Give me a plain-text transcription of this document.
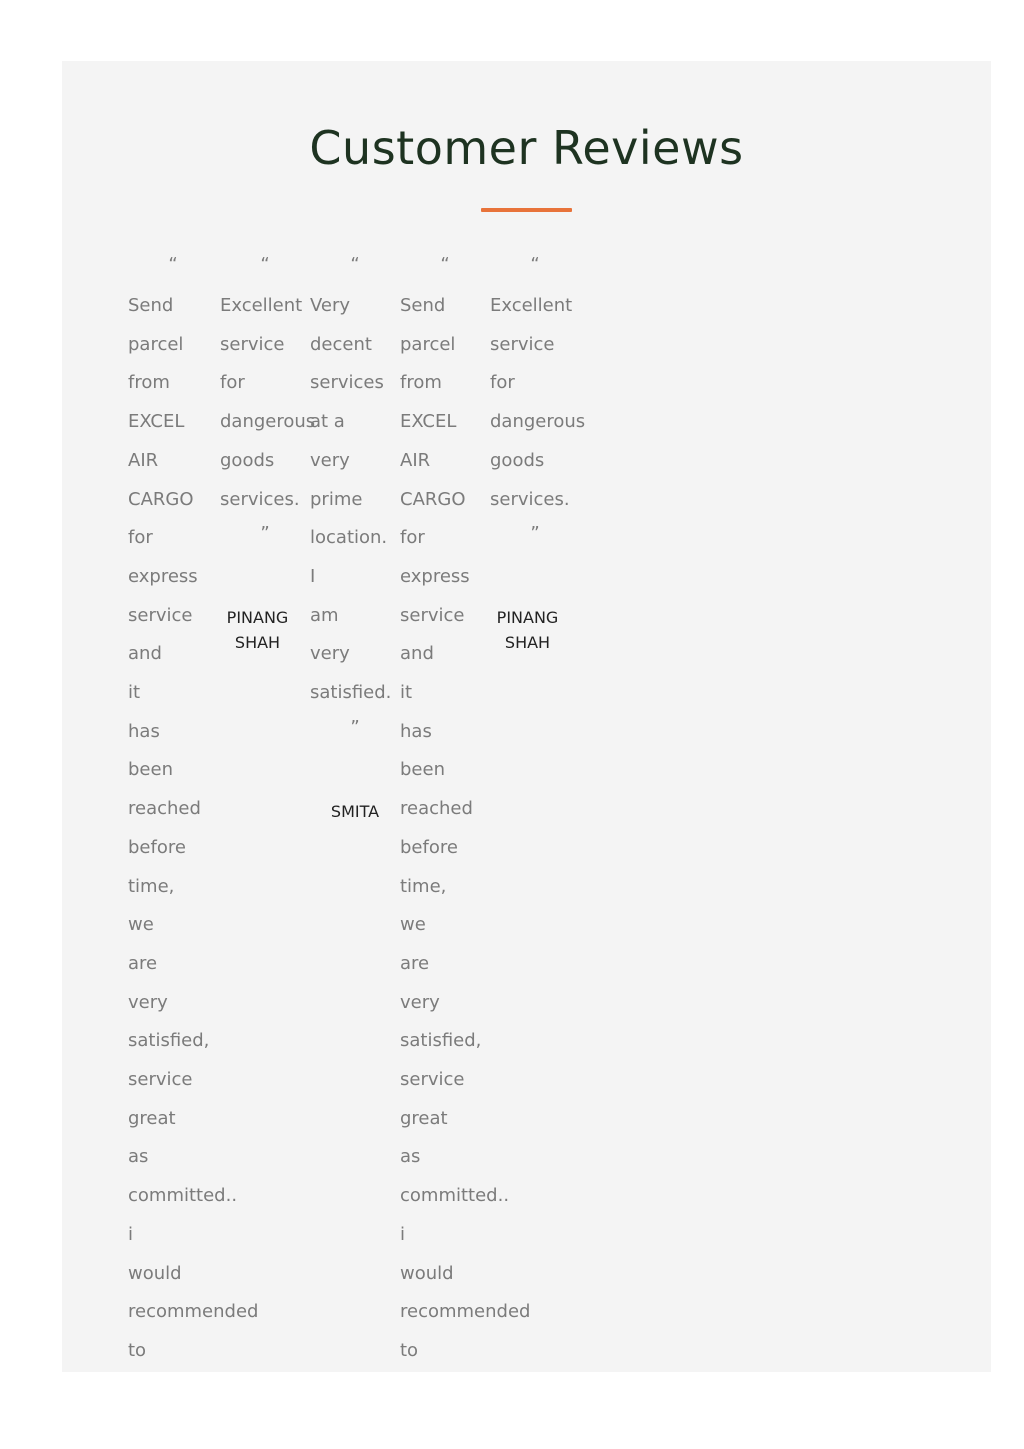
Customer Reviews
“
Send
parcel
from
EXCEL
AIR
CARGO
for
express
service
and
it
has
been
reached
before
time,
we
are
very
satisfied,
service
great
as
committed..
i
would
recommended
to
“
Excellent
service
for
dangerous
goods
services.
”
PINANG SHAH
“
Very
decent
services
at a
very
prime
location.
I
am
very
satisfied.
”
SMITA
“
Send
parcel
from
EXCEL
AIR
CARGO
for
express
service
and
it
has
been
reached
before
time,
we
are
very
satisfied,
service
great
as
committed..
i
would
recommended
to
“
Excellent
service
for
dangerous
goods
services.
”
PINANG SHAH
